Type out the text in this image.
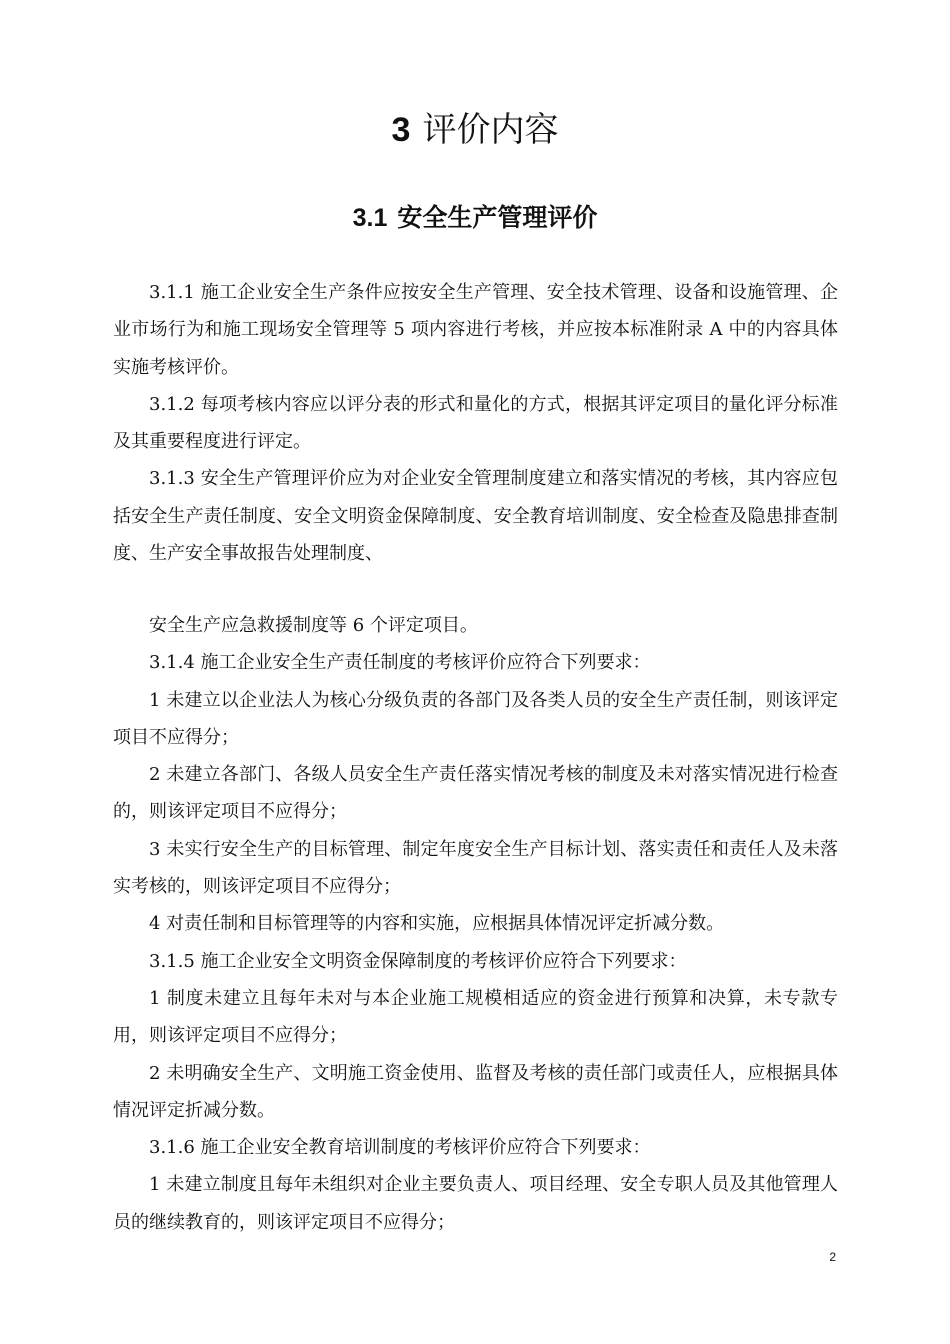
3 评价内容
3.1 安全生产管理评价

3.1.1 施工企业安全生产条件应按安全生产管理、安全技术管理、设备和设施管理、企业市场行为和施工现场安全管理等 5 项内容进行考核，并应按本标准附录 A 中的内容具体实施考核评价。

3.1.2 每项考核内容应以评分表的形式和量化的方式，根据其评定项目的量化评分标准及其重要程度进行评定。

3.1.3 安全生产管理评价应为对企业安全管理制度建立和落实情况的考核，其内容应包括安全生产责任制度、安全文明资金保障制度、安全教育培训制度、安全检查及隐患排查制度、生产安全事故报告处理制度、

安全生产应急救援制度等 6 个评定项目。

3.1.4 施工企业安全生产责任制度的考核评价应符合下列要求：

1 未建立以企业法人为核心分级负责的各部门及各类人员的安全生产责任制，则该评定项目不应得分；

2 未建立各部门、各级人员安全生产责任落实情况考核的制度及未对落实情况进行检查的，则该评定项目不应得分；

3 未实行安全生产的目标管理、制定年度安全生产目标计划、落实责任和责任人及未落实考核的，则该评定项目不应得分；

4 对责任制和目标管理等的内容和实施，应根据具体情况评定折减分数。

3.1.5 施工企业安全文明资金保障制度的考核评价应符合下列要求：

1 制度未建立且每年未对与本企业施工规模相适应的资金进行预算和决算，未专款专用，则该评定项目不应得分；

2 未明确安全生产、文明施工资金使用、监督及考核的责任部门或责任人，应根据具体情况评定折减分数。

3.1.6 施工企业安全教育培训制度的考核评价应符合下列要求：

1 未建立制度且每年未组织对企业主要负责人、项目经理、安全专职人员及其他管理人员的继续教育的，则该评定项目不应得分；

2
